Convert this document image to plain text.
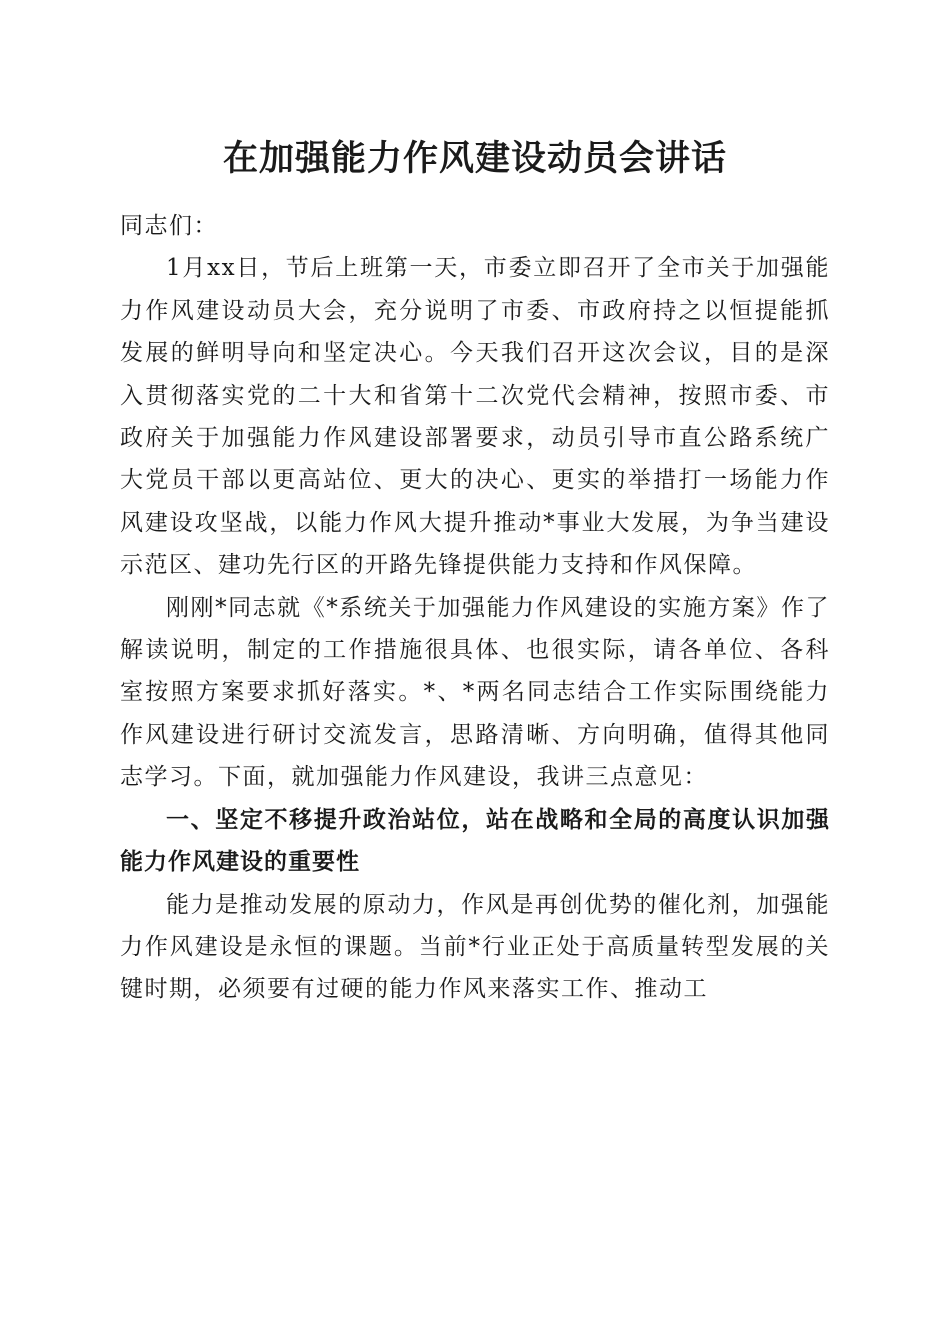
在加强能力作风建设动员会讲话

同志们：

1月xx日，节后上班第一天，市委立即召开了全市关于加强能力作风建设动员大会，充分说明了市委、市政府持之以恒提能抓发展的鲜明导向和坚定决心。今天我们召开这次会议，目的是深入贯彻落实党的二十大和省第十二次党代会精神，按照市委、市政府关于加强能力作风建设部署要求，动员引导市直公路系统广大党员干部以更高站位、更大的决心、更实的举措打一场能力作风建设攻坚战，以能力作风大提升推动*事业大发展，为争当建设示范区、建功先行区的开路先锋提供能力支持和作风保障。

刚刚*同志就《*系统关于加强能力作风建设的实施方案》作了解读说明，制定的工作措施很具体、也很实际，请各单位、各科室按照方案要求抓好落实。*、*两名同志结合工作实际围绕能力作风建设进行研讨交流发言，思路清晰、方向明确，值得其他同志学习。下面，就加强能力作风建设，我讲三点意见：

一、坚定不移提升政治站位，站在战略和全局的高度认识加强能力作风建设的重要性

能力是推动发展的原动力，作风是再创优势的催化剂，加强能力作风建设是永恒的课题。当前*行业正处于高质量转型发展的关键时期，必须要有过硬的能力作风来落实工作、推动工
